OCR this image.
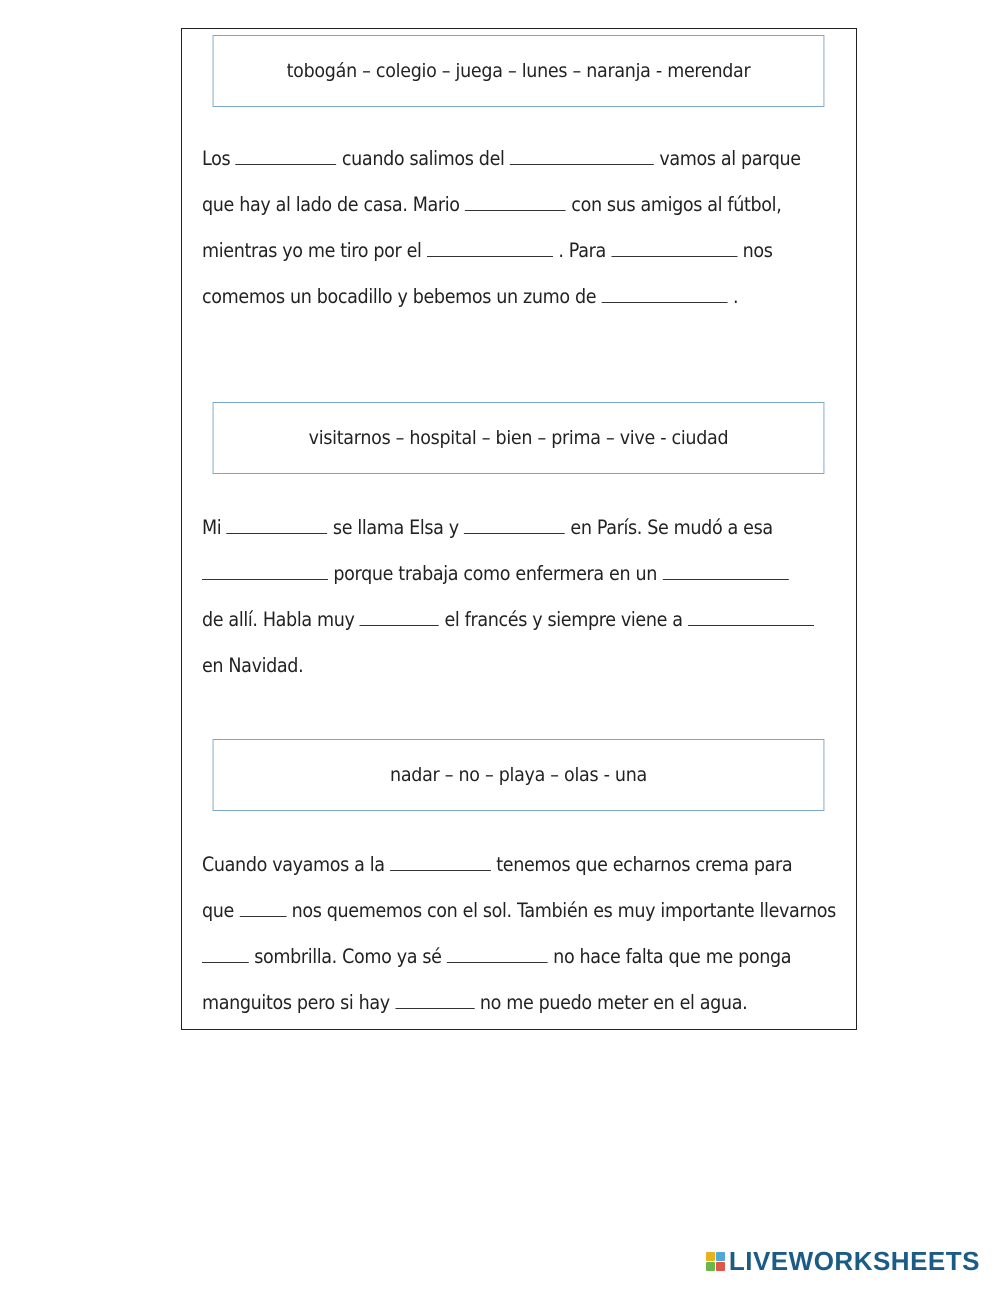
tobogán – colegio – juega – lunes – naranja - merendar
Los	cuando salimos del	vamos al parque
que hay al lado de casa. Mario	con sus amigos al fútbol,
mientras yo me tiro por el	. Para	nos
comemos un bocadillo y bebemos un zumo de	.
visitarnos – hospital – bien – prima – vive - ciudad
Mi	se llama Elsa y	en París. Se mudó a esa
porque trabaja como enfermera en un
de allí. Habla muy	el francés y siempre viene a
en Navidad.
nadar – no – playa – olas - una
Cuando vayamos a la	tenemos que echarnos crema para
que	nos quememos con el sol. También es muy importante llevarnos
sombrilla. Como ya sé	no hace falta que me ponga
manguitos pero si hay	no me puedo meter en el agua.
LIVEWORKSHEETS
